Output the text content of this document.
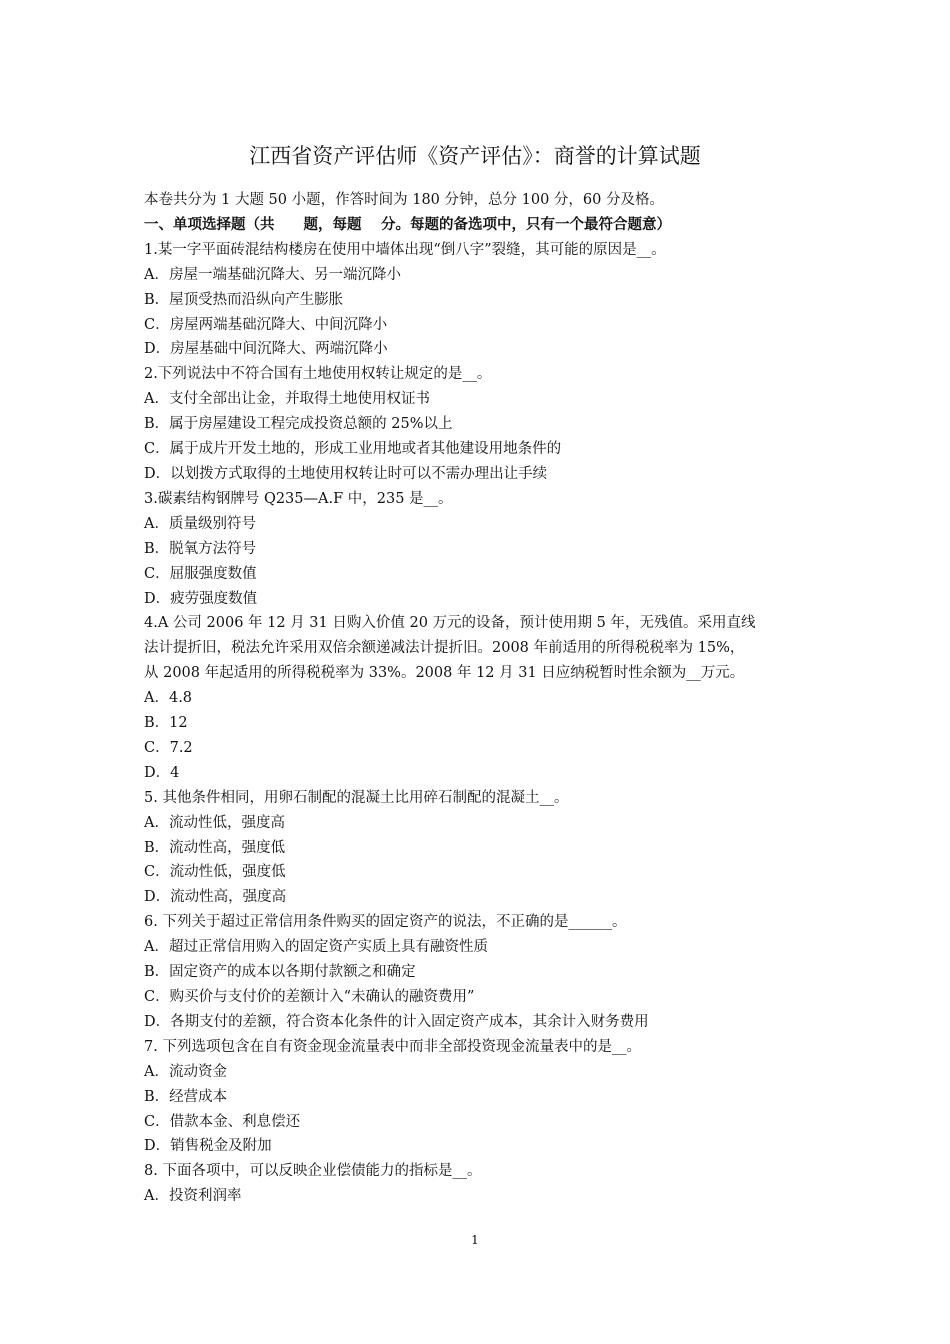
江西省资产评估师《资产评估》：商誉的计算试题
本卷共分为 1 大题 50 小题，作答时间为 180 分钟，总分 100 分，60 分及格。
一、单项选择题（共　　题，每题　 分。每题的备选项中，只有一个最符合题意）
1.某一字平面砖混结构楼房在使用中墙体出现“倒八字”裂缝，其可能的原因是__。
A．房屋一端基础沉降大、另一端沉降小
B．屋顶受热而沿纵向产生膨胀
C．房屋两端基础沉降大、中间沉降小
D．房屋基础中间沉降大、两端沉降小
2.下列说法中不符合国有土地使用权转让规定的是__。
A．支付全部出让金，并取得土地使用权证书
B．属于房屋建设工程完成投资总额的 25%以上
C．属于成片开发土地的，形成工业用地或者其他建设用地条件的
D．以划拨方式取得的土地使用权转让时可以不需办理出让手续
3.碳素结构钢牌号 Q235—A.F 中，235 是__。
A．质量级别符号
B．脱氧方法符号
C．屈服强度数值
D．疲劳强度数值
4.A 公司 2006 年 12 月 31 日购入价值 20 万元的设备，预计使用期 5 年，无残值。采用直线
法计提折旧，税法允许采用双倍余额递减法计提折旧。2008 年前适用的所得税税率为 15%，
从 2008 年起适用的所得税税率为 33%。2008 年 12 月 31 日应纳税暂时性余额为__万元。
A．4.8
B．12
C．7.2
D．4
5. 其他条件相同，用卵石制配的混凝土比用碎石制配的混凝土__。
A．流动性低，强度高
B．流动性高，强度低
C．流动性低，强度低
D．流动性高，强度高
6. 下列关于超过正常信用条件购买的固定资产的说法，不正确的是______。
A．超过正常信用购入的固定资产实质上具有融资性质
B．固定资产的成本以各期付款额之和确定
C．购买价与支付价的差额计入“未确认的融资费用”
D．各期支付的差额，符合资本化条件的计入固定资产成本，其余计入财务费用
7. 下列选项包含在自有资金现金流量表中而非全部投资现金流量表中的是__。
A．流动资金
B．经营成本
C．借款本金、利息偿还
D．销售税金及附加
8. 下面各项中，可以反映企业偿债能力的指标是__。
A．投资利润率
1
